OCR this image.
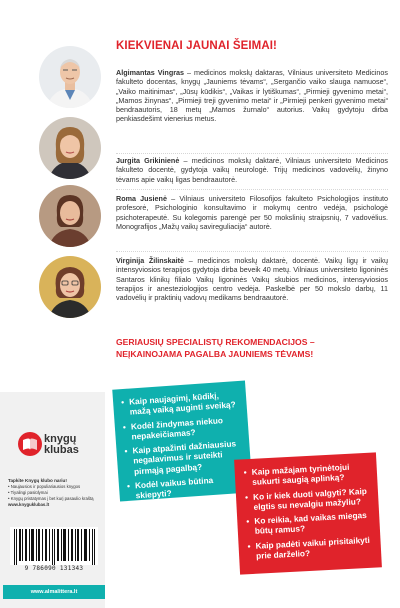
KIEKVIENAI JAUNAI ŠEIMAI!
Algimantas Vingras – medicinos mokslų daktaras, Vilniaus universiteto Medicinos fakulteto docentas, knygų „Jauniems tėvams“, „Sergančio vaiko slauga namuose“, „Vaiko maitinimas“, „Jūsų kūdikis“, „Vaikas ir lytiškumas“, „Pirmieji gyvenimo metai“, „Mamos žinynas“, „Pirmieji treji gyvenimo metai“ ir „Pirmieji penkeri gyvenimo metai“ bendraautoris, 18 metų „Mamos žurnalo“ autorius. Vaikų gydytoju dirba penkiasdešimt vienerius metus.
Jurgita Grikinienė – medicinos mokslų daktarė, Vilniaus universiteto Medicinos fakulteto docentė, gydytoja vaikų neurologė. Trijų medicinos vadovėlių, žinyno tėvams apie vaikų ligas bendraautorė.
Roma Jusienė – Vilniaus universiteto Filosofijos fakulteto Psichologijos instituto profesorė, Psichologinio konsultavimo ir mokymų centro vedėja, psichologė psichoterapeutė. Su kolegomis parengė per 50 mokslinių straipsnių, 7 vadovėlius. Monografijos „Mažų vaikų savireguliacija“ autorė.
Virginija Žilinskaitė – medicinos mokslų daktarė, docentė. Vaikų ligų ir vaikų intensyviosios terapijos gydytoja dirba beveik 40 metų. Vilniaus universiteto ligoninės Santaros klinikų filialo Vaikų ligoninės Vaikų skubios medicinos, intensyviosios terapijos ir anesteziologijos centro vedėja. Paskelbė per 50 mokslo darbų, 11 vadovėlių ir praktinių vadovų medikams bendraautorė.
GERIAUSIŲ SPECIALISTŲ REKOMENDACIJOS –
NEĮKAINOJAMA PAGALBA JAUNIEMS TĖVAMS!
• Kaip naujagimį, kūdikį, mažą vaiką auginti sveiką?
• Kodėl žindymas niekuo nepakeičiamas?
• Kaip atpažinti dažniausius negalavimus ir suteikti pirmąją pagalbą?
• Kodėl vaikus būtina skiepyti?
• Kaip mažajam tyrinėtojui sukurti saugią aplinką?
• Ko ir kiek duoti valgyti? Kaip elgtis su nevalgiu mažyliu?
• Ko reikia, kad vaikas miegas būtų ramus?
• Kaip padėti vaikui prisitaikyti prie darželio?
knygų
klubas
Tapkite Knygų klubo nariu!
• Naujausios ir populiariausios knygos
• Tiyalingi pasiūlymai
• Knygų pristatymas į bet kurį pasaulio kraštą
www.knyguklubas.lt
9 786090 131343
www.almalittera.lt
